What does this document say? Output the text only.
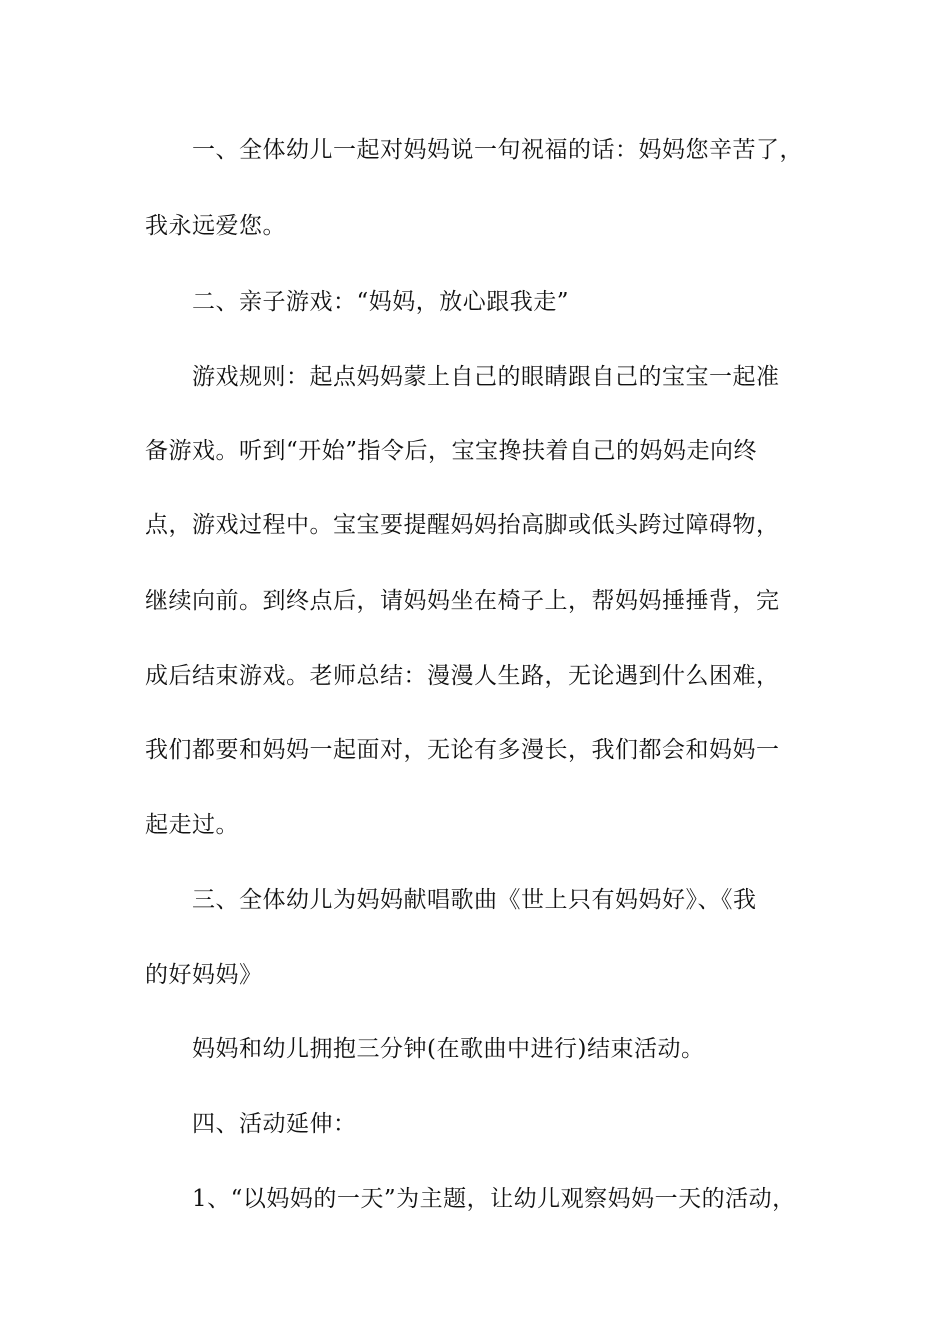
一、全体幼儿一起对妈妈说一句祝福的话：妈妈您辛苦了，
我永远爱您。
二、亲子游戏：“妈妈，放心跟我走”
游戏规则：起点妈妈蒙上自己的眼睛跟自己的宝宝一起准
备游戏。听到“开始”指令后，宝宝搀扶着自己的妈妈走向终
点，游戏过程中。宝宝要提醒妈妈抬高脚或低头跨过障碍物，
继续向前。到终点后，请妈妈坐在椅子上，帮妈妈捶捶背，完
成后结束游戏。老师总结：漫漫人生路，无论遇到什么困难，
我们都要和妈妈一起面对，无论有多漫长，我们都会和妈妈一
起走过。
三、全体幼儿为妈妈献唱歌曲《世上只有妈妈好》、《我
的好妈妈》
妈妈和幼儿拥抱三分钟(在歌曲中进行)结束活动。
四、活动延伸：
1、“以妈妈的一天”为主题，让幼儿观察妈妈一天的活动，
